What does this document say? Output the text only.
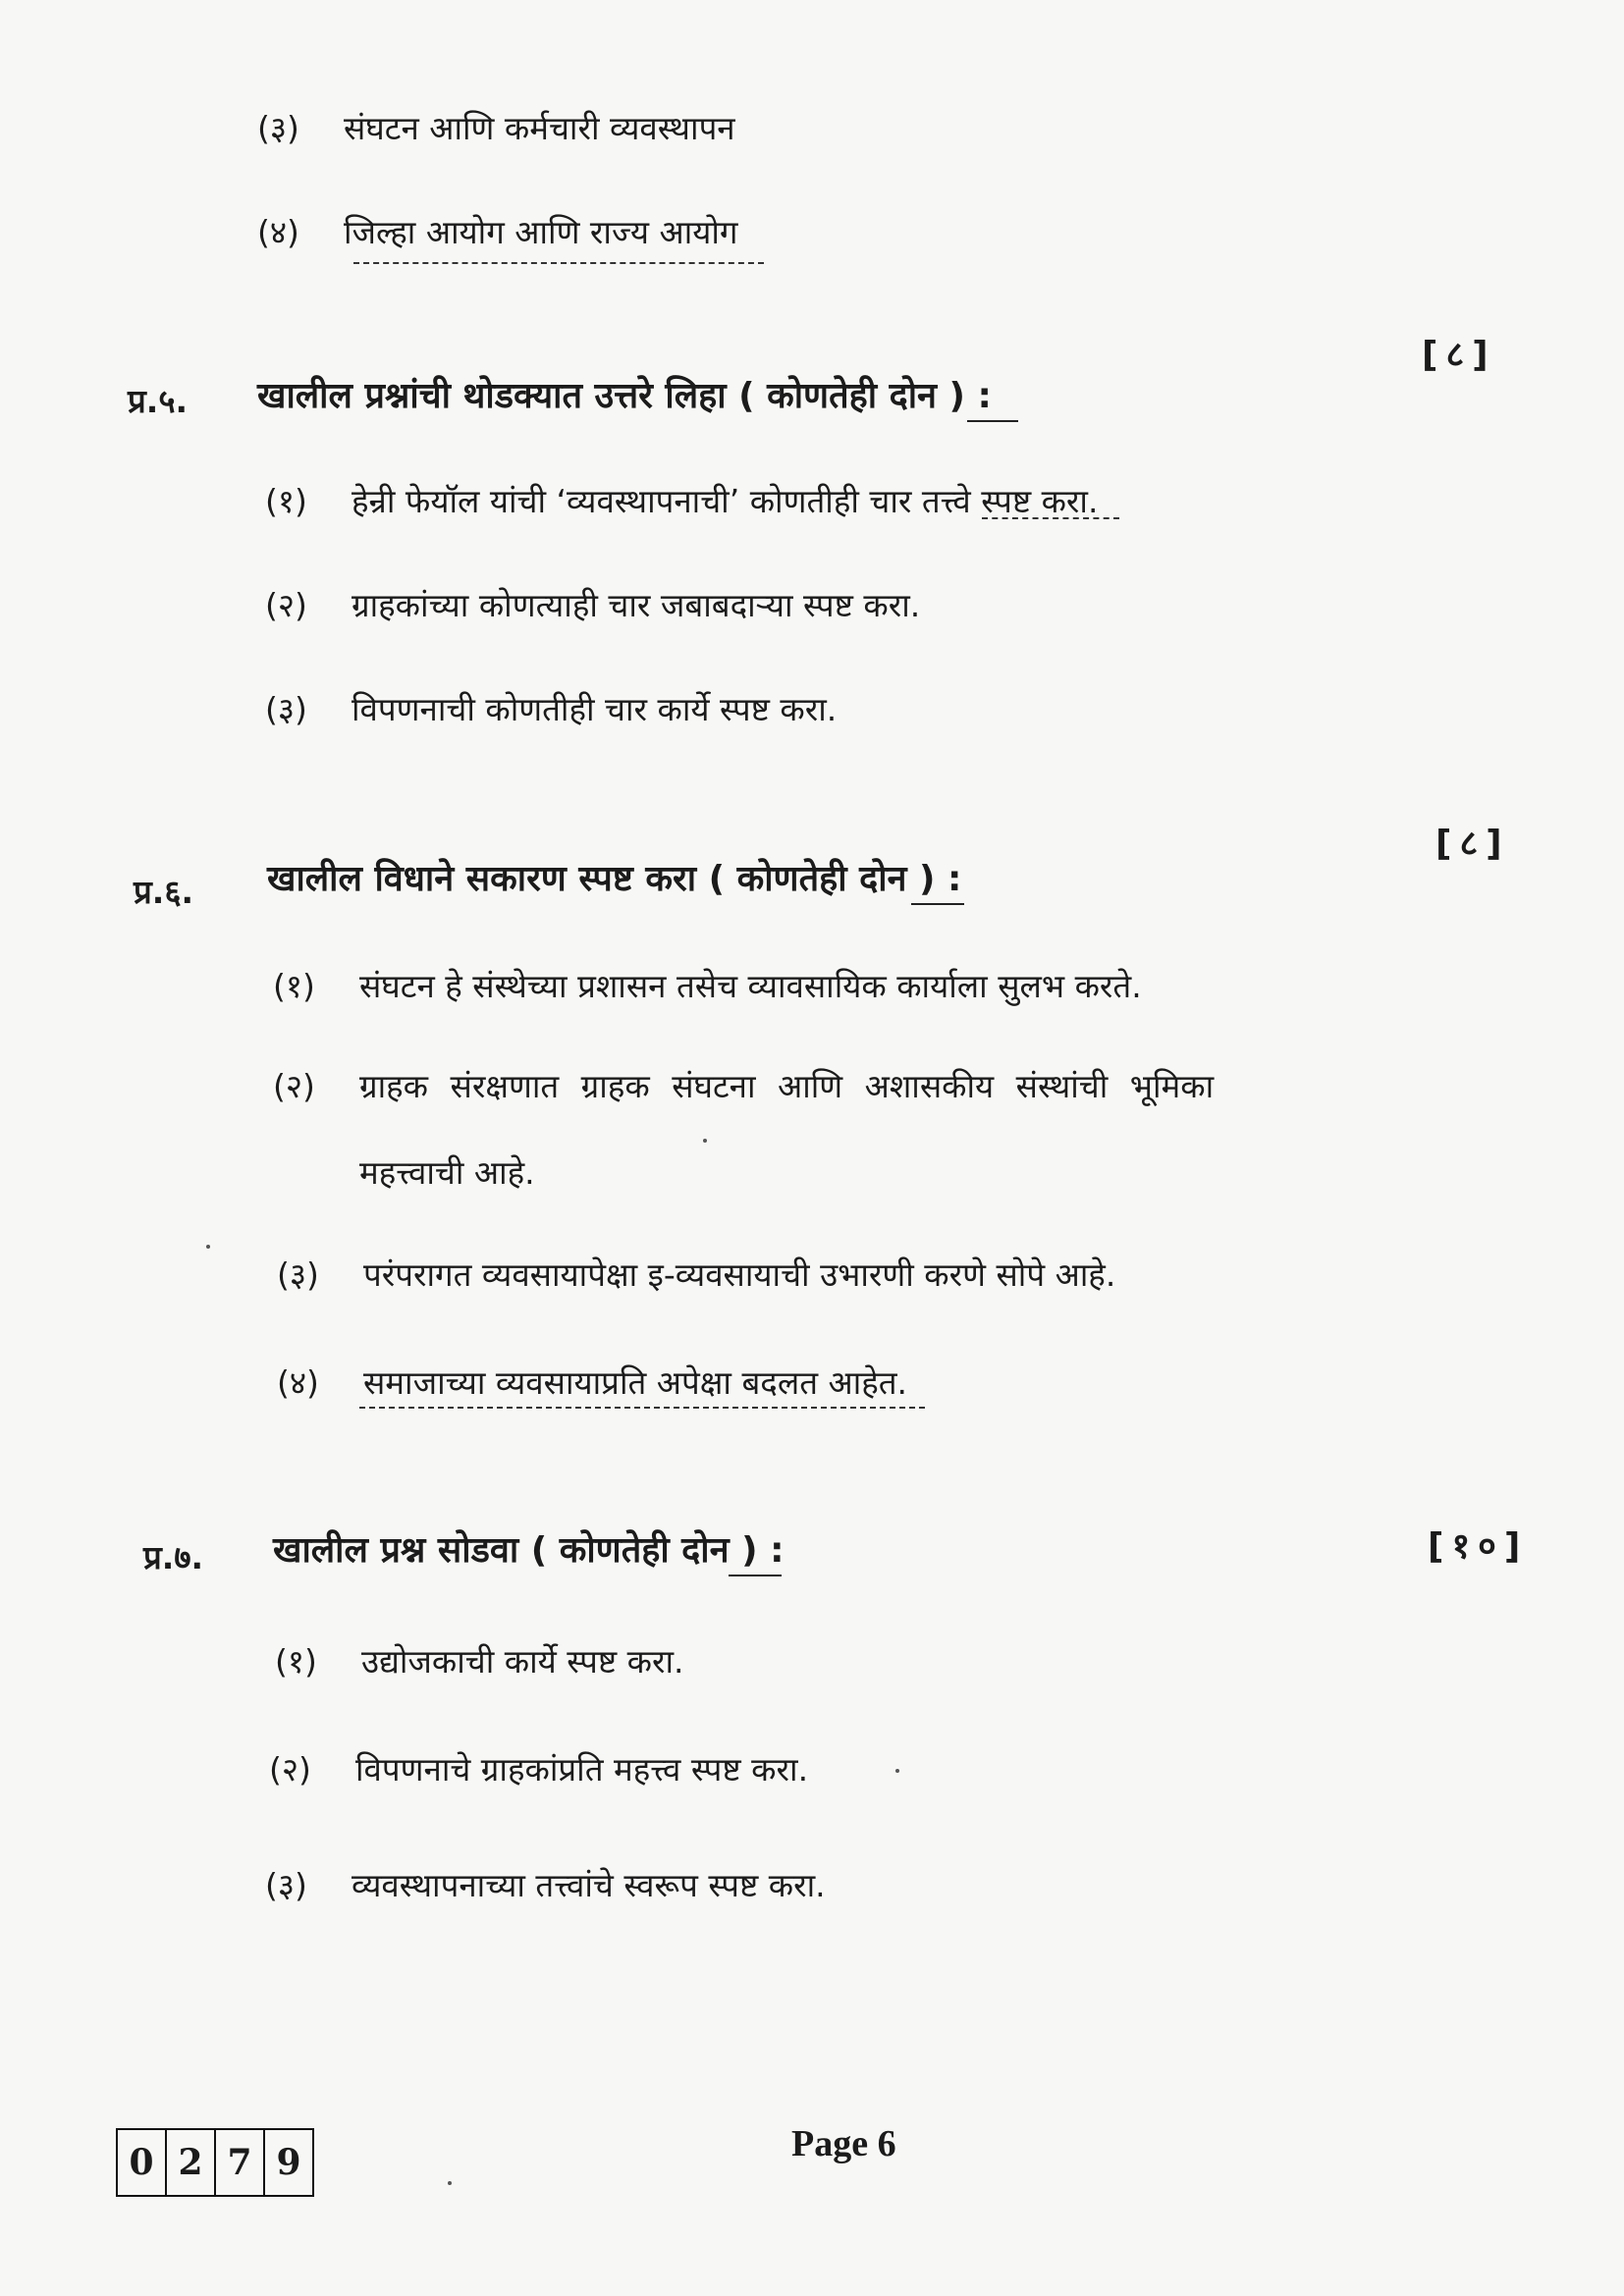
(३) संघटन आणि कर्मचारी व्यवस्थापन
(४) जिल्हा आयोग आणि राज्य आयोग
[८]
प्र.५. खालील प्रश्नांची थोडक्यात उत्तरे लिहा ( कोणतेही दोन ) :
(१) हेन्री फेयॉल यांची ‘व्यवस्थापनाची’ कोणतीही चार तत्त्वे स्पष्ट करा.
(२) ग्राहकांच्या कोणत्याही चार जबाबदाऱ्या स्पष्ट करा.
(३) विपणनाची कोणतीही चार कार्ये स्पष्ट करा.
[८]
प्र.६. खालील विधाने सकारण स्पष्ट करा ( कोणतेही दोन ) :
(१) संघटन हे संस्थेच्या प्रशासन तसेच व्यावसायिक कार्याला सुलभ करते.
(२) ग्राहक संरक्षणात ग्राहक संघटना आणि अशासकीय संस्थांची भूमिका
महत्त्वाची आहे.
(३) परंपरागत व्यवसायापेक्षा इ-व्यवसायाची उभारणी करणे सोपे आहे.
(४) समाजाच्या व्यवसायाप्रति अपेक्षा बदलत आहेत.
[१०]
प्र.७. खालील प्रश्न सोडवा ( कोणतेही दोन ) :
(१) उद्योजकाची कार्ये स्पष्ट करा.
(२) विपणनाचे ग्राहकांप्रति महत्त्व स्पष्ट करा.
(३) व्यवस्थापनाच्या तत्त्वांचे स्वरूप स्पष्ट करा.
0 2 7 9	Page 6
